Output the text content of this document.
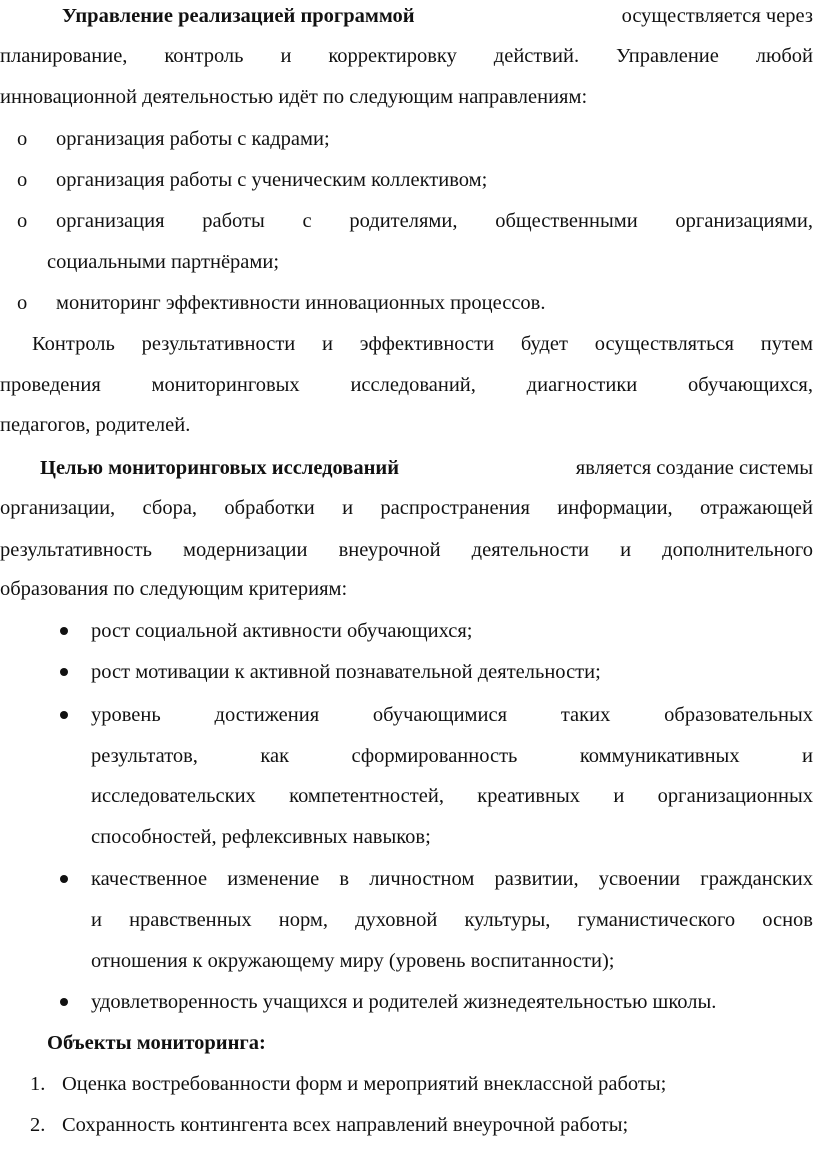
Управление реализацией программой	осуществляется через
планирование, контроль и корректировку действий. Управление любой
инновационной деятельностью идёт по следующим направлениям:
o организация работы с кадрами;
o организация работы с ученическим коллективом;
o организация работы с родителями, общественными организациями,
социальными партнёрами;
o мониторинг эффективности инновационных процессов.
Контроль результативности и эффективности будет осуществляться путем
проведения мониторинговых исследований, диагностики обучающихся,
педагогов, родителей.
Целью мониторинговых исследований	является создание системы
организации, сбора, обработки и распространения информации, отражающей
результативность модернизации внеурочной деятельности и дополнительного
образования по следующим критериям:
рост социальной активности обучающихся;
рост мотивации к активной познавательной деятельности;
уровень достижения обучающимися таких образовательных
результатов, как сформированность коммуникативных и
исследовательских компетентностей, креативных и организационных
способностей, рефлексивных навыков;
качественное изменение в личностном развитии, усвоении гражданских
и нравственных норм, духовной культуры, гуманистического основ
отношения к окружающему миру (уровень воспитанности);
удовлетворенность учащихся и родителей жизнедеятельностью школы.
Объекты мониторинга:
1. Оценка востребованности форм и мероприятий внеклассной работы;
2. Сохранность контингента всех направлений внеурочной работы;
